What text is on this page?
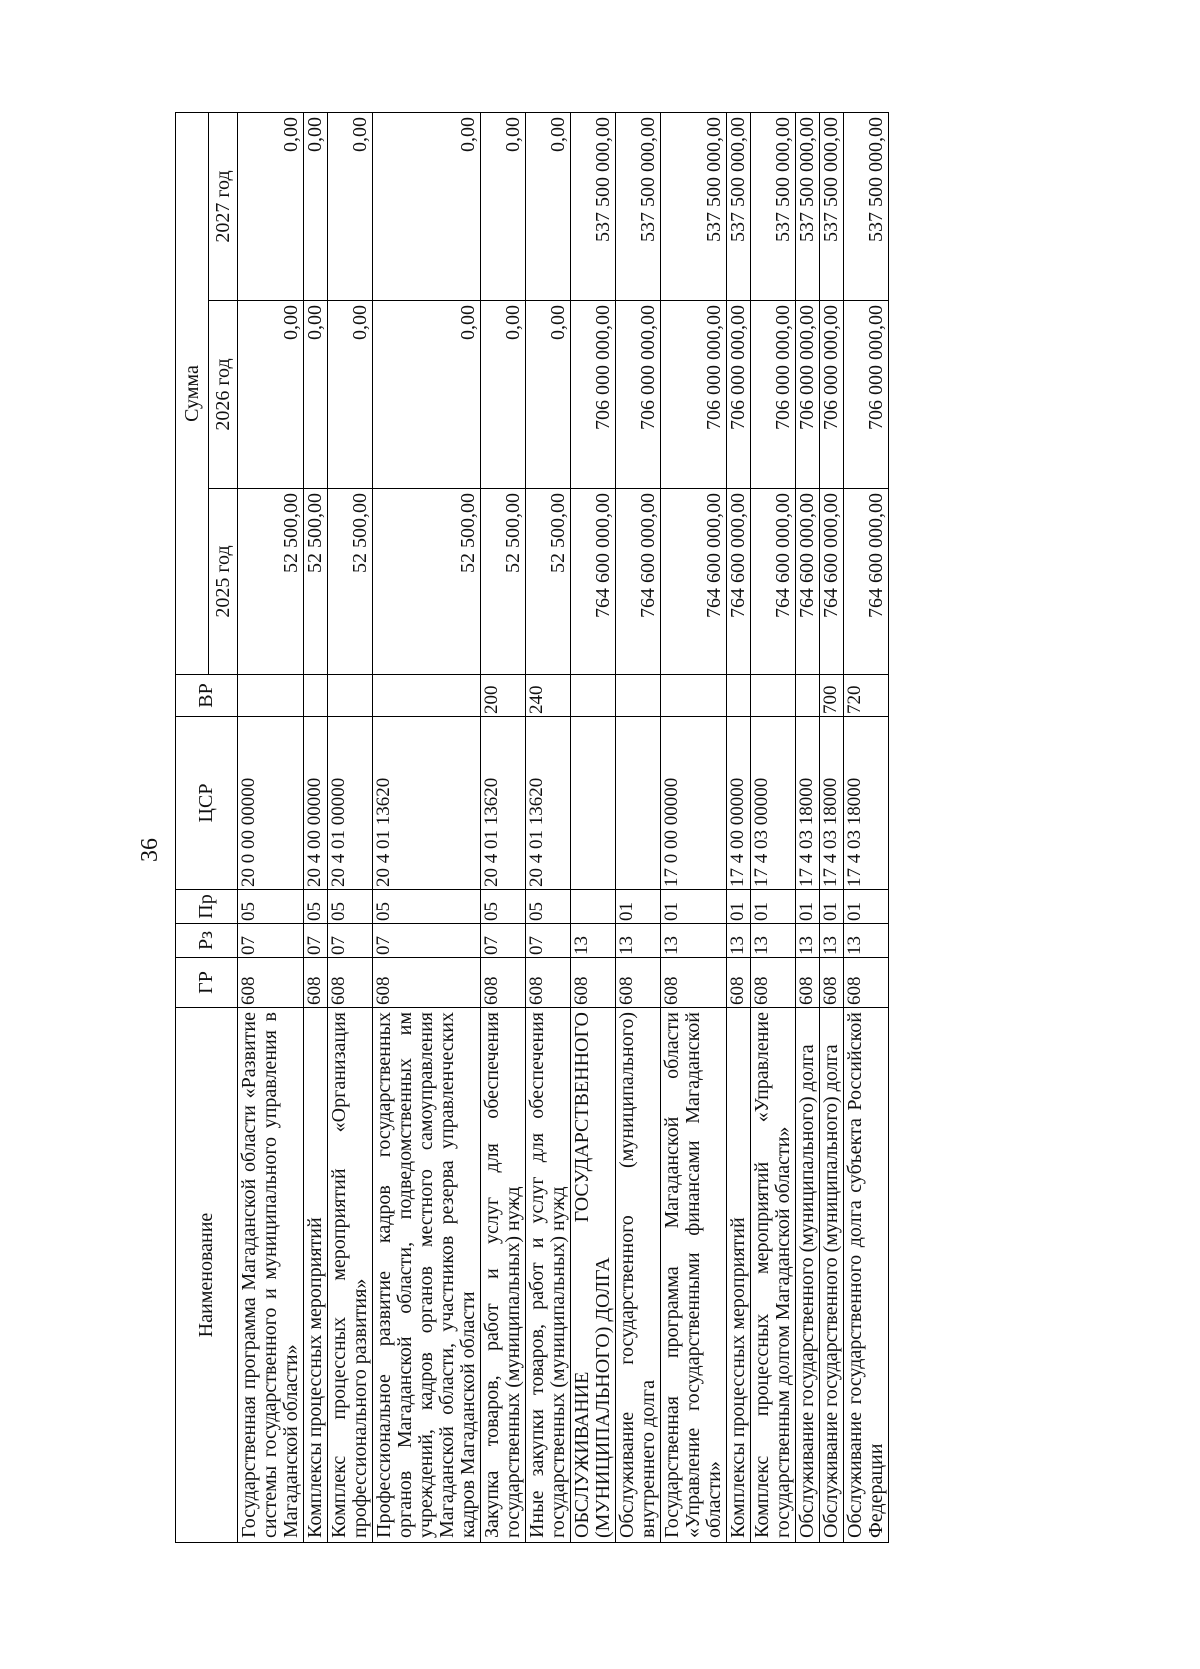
36
Наименование	ГР	Рз	Пр	ЦСР	ВР	Сумма		
						2025 год	2026 год	2027 год
Государственная программа Магаданской области «Развитие системы государственного и муниципального управления в Магаданской области»	608	07	05	20 0 00 00000		52 500,00	0,00	0,00
Комплексы процессных мероприятий	608	07	05	20 4 00 00000		52 500,00	0,00	0,00
Комплекс процессных мероприятий «Организация профессионального развития»	608	07	05	20 4 01 00000		52 500,00	0,00	0,00
Профессиональное развитие кадров государственных органов Магаданской области, подведомственных им учреждений, кадров органов местного самоуправления Магаданской области, участников резерва управленческих кадров Магаданской области	608	07	05	20 4 01 13620		52 500,00	0,00	0,00
Закупка товаров, работ и услуг для обеспечения государственных (муниципальных) нужд	608	07	05	20 4 01 13620	200	52 500,00	0,00	0,00
Иные закупки товаров, работ и услуг для обеспечения государственных (муниципальных) нужд	608	07	05	20 4 01 13620	240	52 500,00	0,00	0,00
ОБСЛУЖИВАНИЕ ГОСУДАРСТВЕННОГО (МУНИЦИПАЛЬНОГО) ДОЛГА	608	13				764 600 000,00	706 000 000,00	537 500 000,00
Обслуживание государственного (муниципального) внутреннего долга	608	13	01			764 600 000,00	706 000 000,00	537 500 000,00
Государственная программа Магаданской области «Управление государственными финансами Магаданской области»	608	13	01	17 0 00 00000		764 600 000,00	706 000 000,00	537 500 000,00
Комплексы процессных мероприятий	608	13	01	17 4 00 00000		764 600 000,00	706 000 000,00	537 500 000,00
Комплекс процессных мероприятий «Управление государственным долгом Магаданской области»	608	13	01	17 4 03 00000		764 600 000,00	706 000 000,00	537 500 000,00
Обслуживание государственного (муниципального) долга	608	13	01	17 4 03 18000		764 600 000,00	706 000 000,00	537 500 000,00
Обслуживание государственного (муниципального) долга	608	13	01	17 4 03 18000	700	764 600 000,00	706 000 000,00	537 500 000,00
Обслуживание государственного долга субъекта Российской Федерации	608	13	01	17 4 03 18000	720	764 600 000,00	706 000 000,00	537 500 000,00
